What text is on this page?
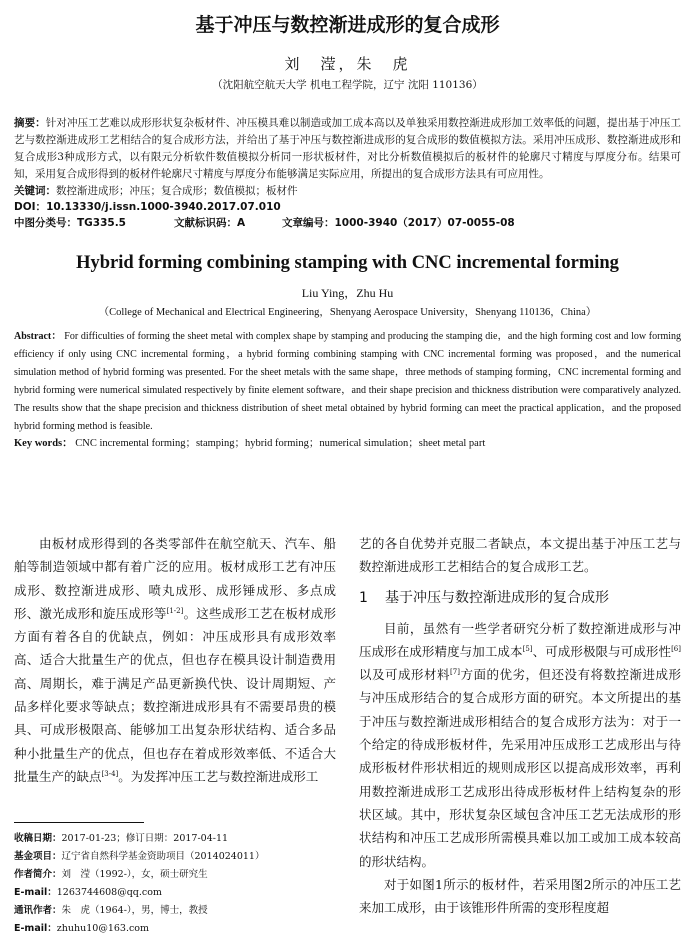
基于冲压与数控渐进成形的复合成形
刘　滢，朱　虎
（沈阳航空航天大学 机电工程学院，辽宁 沈阳 110136）
摘要：针对冲压工艺难以成形形状复杂板材件、冲压模具难以制造或加工成本高以及单独采用数控渐进成形加工效率低的问题，提出基于冲压工艺与数控渐进成形工艺相结合的复合成形方法，并给出了基于冲压与数控渐进成形的复合成形的数值模拟方法。采用冲压成形、数控渐进成形和复合成形3种成形方式，以有限元分析软件数值模拟分析同一形状板材件，对比分析数值模拟后的板材件的轮廓尺寸精度与厚度分布。结果可知，采用复合成形得到的板材件轮廓尺寸精度与厚度分布能够满足实际应用，所提出的复合成形方法具有可应用性。
关键词：数控渐进成形；冲压；复合成形；数值模拟；板材件
DOI：10.13330/j.issn.1000-3940.2017.07.010
中图分类号：TG335.5	文献标识码：A	文章编号：1000-3940（2017）07-0055-08
Hybrid forming combining stamping with CNC incremental forming
Liu Ying，Zhu Hu
（College of Mechanical and Electrical Engineering，Shenyang Aerospace University，Shenyang 110136，China）
Abstract： For difficulties of forming the sheet metal with complex shape by stamping and producing the stamping die，and the high forming cost and low forming efficiency if only using CNC incremental forming，a hybrid forming combining stamping with CNC incremental forming was proposed，and the numerical simulation method of hybrid forming was presented. For the sheet metals with the same shape，three methods of stamping forming，CNC incremental forming and hybrid forming were numerical simulated respectively by finite element software，and their shape precision and thickness distribution were comparatively analyzed. The results show that the shape precision and thickness distribution of sheet metal obtained by hybrid forming can meet the practical application，and the proposed hybrid forming method is feasible.
Key words： CNC incremental forming；stamping；hybrid forming；numerical simulation；sheet metal part

由板材成形得到的各类零部件在航空航天、汽车、船舶等制造领域中都有着广泛的应用。板材成形工艺有冲压成形、数控渐进成形、喷丸成形、成形锤成形、多点成形、激光成形和旋压成形等[1-2]。这些成形工艺在板材成形方面有着各自的优缺点，例如：冲压成形具有成形效率高、适合大批量生产的优点，但也存在模具设计制造费用高、周期长，难于满足产品更新换代快、设计周期短、产品多样化要求等缺点；数控渐进成形具有不需要昂贵的模具、可成形极限高、能够加工出复杂形状结构、适合多品种小批量生产的优点，但也存在着成形效率低、不适合大批量生产的缺点[3-4]。为发挥冲压工艺与数控渐进成形工

收稿日期：2017-01-23；修订日期：2017-04-11
基金项目：辽宁省自然科学基金资助项目（2014024011）
作者简介：刘　滢（1992-），女，硕士研究生
E-mail：1263744608@qq.com
通讯作者：朱　虎（1964-），男，博士，教授
E-mail：zhuhu10@163.com

艺的各自优势并克服二者缺点，本文提出基于冲压工艺与数控渐进成形工艺相结合的复合成形工艺。

1 基于冲压与数控渐进成形的复合成形

目前，虽然有一些学者研究分析了数控渐进成形与冲压成形在成形精度与加工成本[5]、可成形极限与可成形性[6]以及可成形材料[7]方面的优劣，但还没有将数控渐进成形与冲压成形结合的复合成形方面的研究。本文所提出的基于冲压与数控渐进成形相结合的复合成形方法为：对于一个给定的待成形板材件，先采用冲压成形工艺成形出与待成形板材件形状相近的规则成形区以提高成形效率，再利用数控渐进成形工艺成形出待成形板材件上结构复杂的形状区域。其中，形状复杂区域包含冲压工艺无法成形的形状结构和冲压工艺成形所需模具难以加工或加工成本较高的形状结构。

对于如图1所示的板材件，若采用图2所示的冲压工艺来加工成形，由于该锥形件所需的变形程度超
